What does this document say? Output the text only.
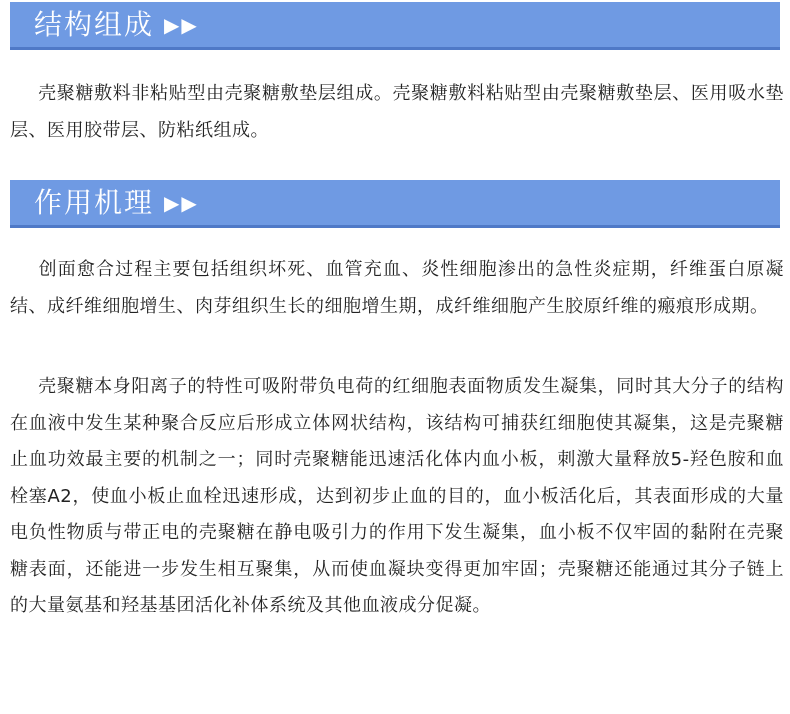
结构组成 ▶▶

壳聚糖敷料非粘贴型由壳聚糖敷垫层组成。壳聚糖敷料粘贴型由壳聚糖敷垫层、医用吸水垫层、医用胶带层、防粘纸组成。

作用机理 ▶▶

创面愈合过程主要包括组织坏死、血管充血、炎性细胞渗出的急性炎症期，纤维蛋白原凝结、成纤维细胞增生、肉芽组织生长的细胞增生期，成纤维细胞产生胶原纤维的瘢痕形成期。

壳聚糖本身阳离子的特性可吸附带负电荷的红细胞表面物质发生凝集，同时其大分子的结构在血液中发生某种聚合反应后形成立体网状结构，该结构可捕获红细胞使其凝集，这是壳聚糖止血功效最主要的机制之一；同时壳聚糖能迅速活化体内血小板，刺激大量释放5-羟色胺和血栓塞A2，使血小板止血栓迅速形成，达到初步止血的目的，血小板活化后，其表面形成的大量电负性物质与带正电的壳聚糖在静电吸引力的作用下发生凝集，血小板不仅牢固的黏附在壳聚糖表面，还能进一步发生相互聚集，从而使血凝块变得更加牢固；壳聚糖还能通过其分子链上的大量氨基和羟基基团活化补体系统及其他血液成分促凝。
